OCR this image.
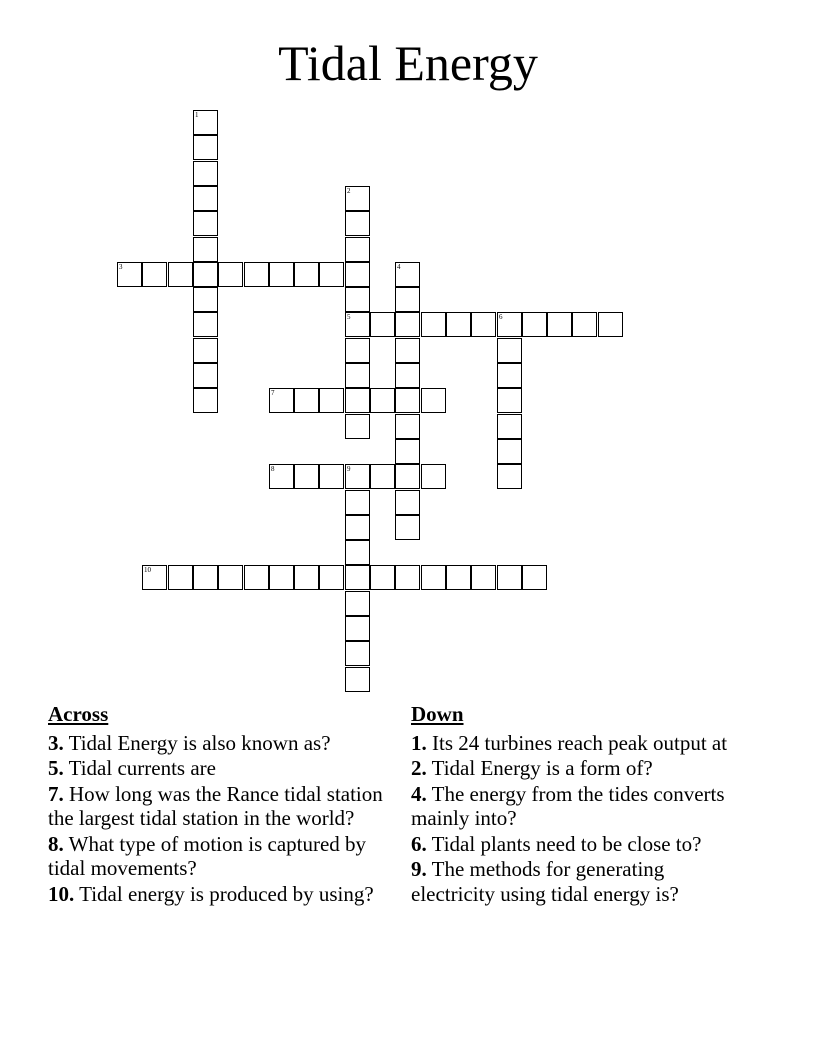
Tidal Energy
1
2
5
3	4
6
7
8	9
10
Across
3. Tidal Energy is also known as?
5. Tidal currents are
7. How long was the Rance tidal station the largest tidal station in the world?
8. What type of motion is captured by tidal movements?
10. Tidal energy is produced by using?
Down
1. Its 24 turbines reach peak output at
2. Tidal Energy is a form of?
4. The energy from the tides converts mainly into?
6. Tidal plants need to be close to?
9. The methods for generating electricity using tidal energy is?
